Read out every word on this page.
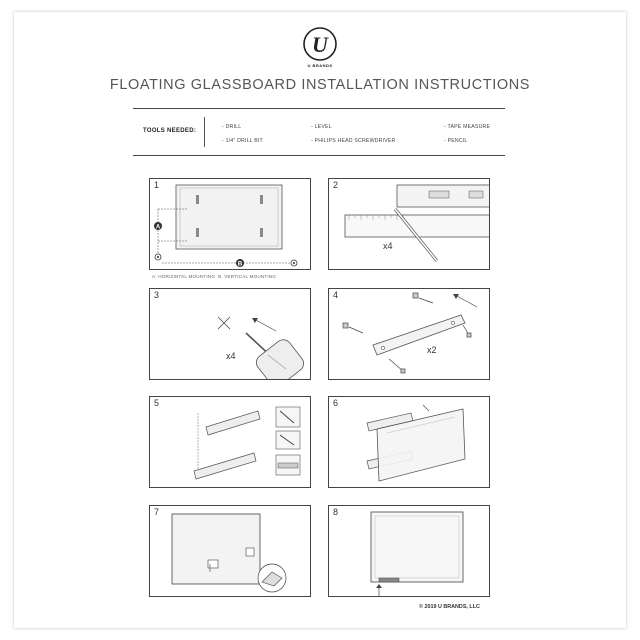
U
U BRANDS
FLOATING GLASSBOARD INSTALLATION INSTRUCTIONS
TOOLS NEEDED:
- DRILL
- 1/4" DRILL BIT
- LEVEL
- PHILIPS HEAD SCREWDRIVER
- TAPE MEASURE
- PENCIL
A
B
1
A. HORIZINTAL MOUNTING B. VERTICAL MOUNTING
x4
2
x4
3
x2
4
5	6
7	8
© 2019 U BRANDS, LLC
